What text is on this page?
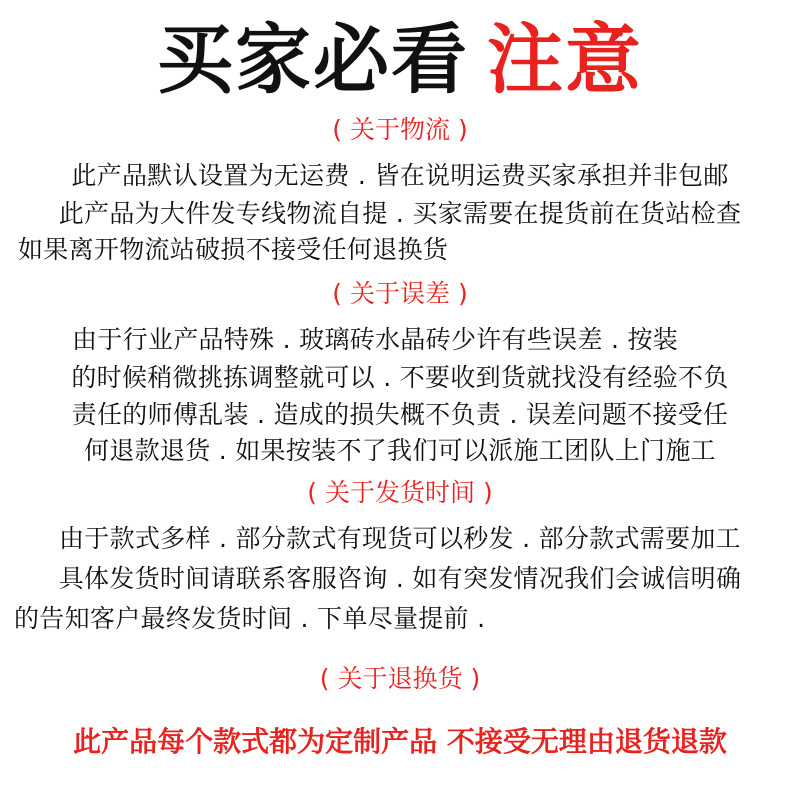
买家必看 注意
( 关于物流 )
此产品默认设置为无运费 . 皆在说明运费买家承担并非包邮
此产品为大件发专线物流自提 . 买家需要在提货前在货站检查
如果离开物流站破损不接受任何退换货
( 关于误差 )
由于行业产品特殊 . 玻璃砖水晶砖少许有些误差 . 按装
的时候稍微挑拣调整就可以 . 不要收到货就找没有经验不负
责任的师傅乱装 . 造成的损失概不负责 . 误差问题不接受任
何退款退货 . 如果按装不了我们可以派施工团队上门施工
( 关于发货时间 )
由于款式多样 . 部分款式有现货可以秒发 . 部分款式需要加工
具体发货时间请联系客服咨询 . 如有突发情况我们会诚信明确
的告知客户最终发货时间 . 下单尽量提前 .
( 关于退换货 )
此产品每个款式都为定制产品 不接受无理由退货退款
